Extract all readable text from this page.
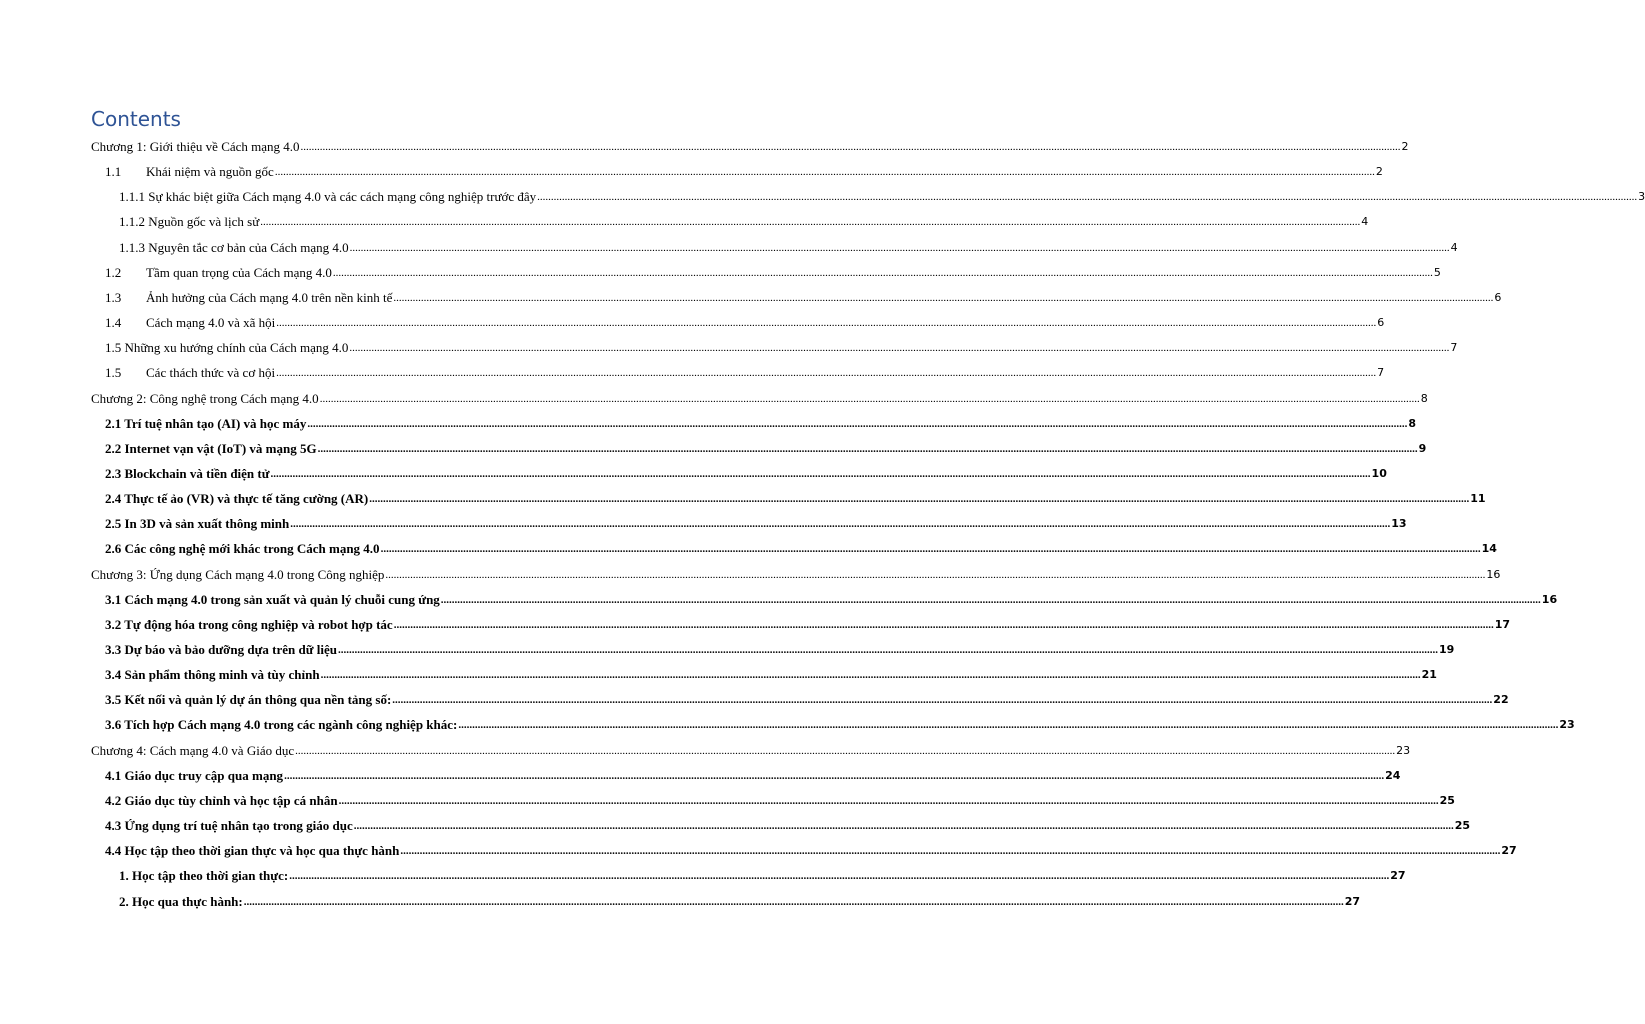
Contents
Chương 1: Giới thiệu về Cách mạng 4.0 ................................................................................................................................................................................................................................................................................................................................................................................................................ 2
1.1	Khái niệm và nguồn gốc ................................................................................................................................................................................................................................................................................................................................................................................................................ 2
1.1.1 Sự khác biệt giữa Cách mạng 4.0 và các cách mạng công nghiệp trước đây ................................................................................................................................................................................................................................................................................................................................................................................................................ 3
1.1.2 Nguồn gốc và lịch sử ................................................................................................................................................................................................................................................................................................................................................................................................................ 4
1.1.3 Nguyên tắc cơ bản của Cách mạng 4.0 ................................................................................................................................................................................................................................................................................................................................................................................................................ 4
1.2	Tầm quan trọng của Cách mạng 4.0 ................................................................................................................................................................................................................................................................................................................................................................................................................ 5
1.3	Ảnh hưởng của Cách mạng 4.0 trên nền kinh tế ................................................................................................................................................................................................................................................................................................................................................................................................................ 6
1.4	Cách mạng 4.0 và xã hội ................................................................................................................................................................................................................................................................................................................................................................................................................ 6
1.5 Những xu hướng chính của Cách mạng 4.0 ................................................................................................................................................................................................................................................................................................................................................................................................................ 7
1.5	Các thách thức và cơ hội ................................................................................................................................................................................................................................................................................................................................................................................................................ 7
Chương 2: Công nghệ trong Cách mạng 4.0 ................................................................................................................................................................................................................................................................................................................................................................................................................ 8
2.1 Trí tuệ nhân tạo (AI) và học máy ................................................................................................................................................................................................................................................................................................................................................................................................................ 8
2.2 Internet vạn vật (IoT) và mạng 5G ................................................................................................................................................................................................................................................................................................................................................................................................................ 9
2.3 Blockchain và tiền điện tử ................................................................................................................................................................................................................................................................................................................................................................................................................ 10
2.4 Thực tế ảo (VR) và thực tế tăng cường (AR) ................................................................................................................................................................................................................................................................................................................................................................................................................ 11
2.5 In 3D và sản xuất thông minh ................................................................................................................................................................................................................................................................................................................................................................................................................ 13
2.6 Các công nghệ mới khác trong Cách mạng 4.0 ................................................................................................................................................................................................................................................................................................................................................................................................................ 14
Chương 3: Ứng dụng Cách mạng 4.0 trong Công nghiệp ................................................................................................................................................................................................................................................................................................................................................................................................................ 16
3.1 Cách mạng 4.0 trong sản xuất và quản lý chuỗi cung ứng ................................................................................................................................................................................................................................................................................................................................................................................................................ 16
3.2 Tự động hóa trong công nghiệp và robot hợp tác ................................................................................................................................................................................................................................................................................................................................................................................................................ 17
3.3 Dự báo và bảo dưỡng dựa trên dữ liệu ................................................................................................................................................................................................................................................................................................................................................................................................................ 19
3.4 Sản phẩm thông minh và tùy chỉnh ................................................................................................................................................................................................................................................................................................................................................................................................................ 21
3.5 Kết nối và quản lý dự án thông qua nền tảng số: ................................................................................................................................................................................................................................................................................................................................................................................................................ 22
3.6 Tích hợp Cách mạng 4.0 trong các ngành công nghiệp khác: ................................................................................................................................................................................................................................................................................................................................................................................................................ 23
Chương 4: Cách mạng 4.0 và Giáo dục ................................................................................................................................................................................................................................................................................................................................................................................................................ 23
4.1 Giáo dục truy cập qua mạng ................................................................................................................................................................................................................................................................................................................................................................................................................ 24
4.2 Giáo dục tùy chỉnh và học tập cá nhân ................................................................................................................................................................................................................................................................................................................................................................................................................ 25
4.3 Ứng dụng trí tuệ nhân tạo trong giáo dục ................................................................................................................................................................................................................................................................................................................................................................................................................ 25
4.4 Học tập theo thời gian thực và học qua thực hành ................................................................................................................................................................................................................................................................................................................................................................................................................ 27
1. Học tập theo thời gian thực: ................................................................................................................................................................................................................................................................................................................................................................................................................ 27
2. Học qua thực hành: ................................................................................................................................................................................................................................................................................................................................................................................................................ 27
